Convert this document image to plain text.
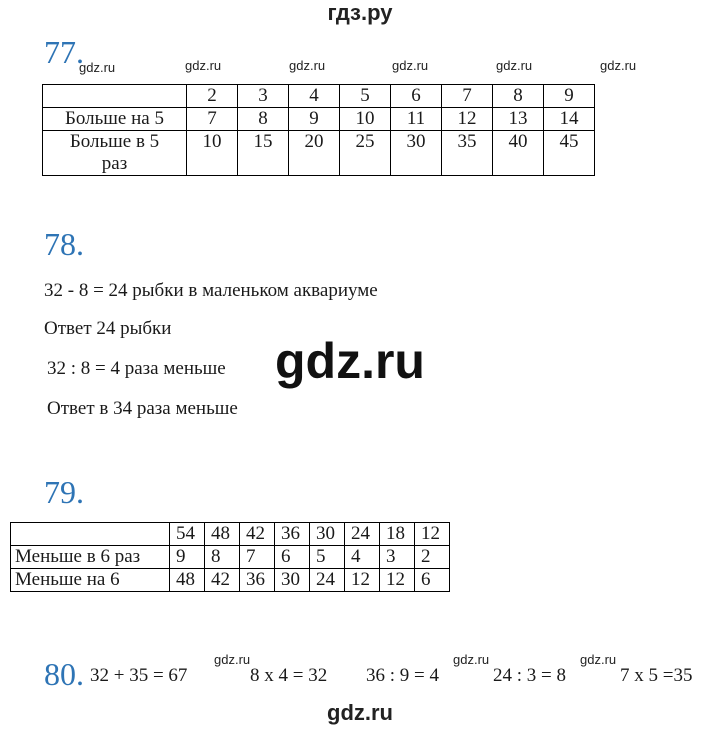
гдз.ру
77.
gdz.ru	gdz.ru	gdz.ru	gdz.ru	gdz.ru	gdz.ru
	2	3	4	5	6	7	8	9
Больше на 5	7	8	9	10	11	12	13	14

Больше в 5
раз	10	15	20	25	30	35	40	45
78.
32 - 8 = 24 рыбки в маленьком аквариуме
Ответ 24 рыбки
32 : 8 = 4 раза меньше
Ответ в 34 раза меньше
gdz.ru
79.
	54	48	42	36	30	24	18	12
Меньше в 6 раз	9	8	7	6	5	4	3	2
Меньше на 6	48	42	36	30	24	12	12	6
80. 32 + 35 = 67
gdz.ru
8 x 4 = 32 36 : 9 = 4
gdz.ru
24 : 3 = 8
gdz.ru
7 x 5 =35
gdz.ru
